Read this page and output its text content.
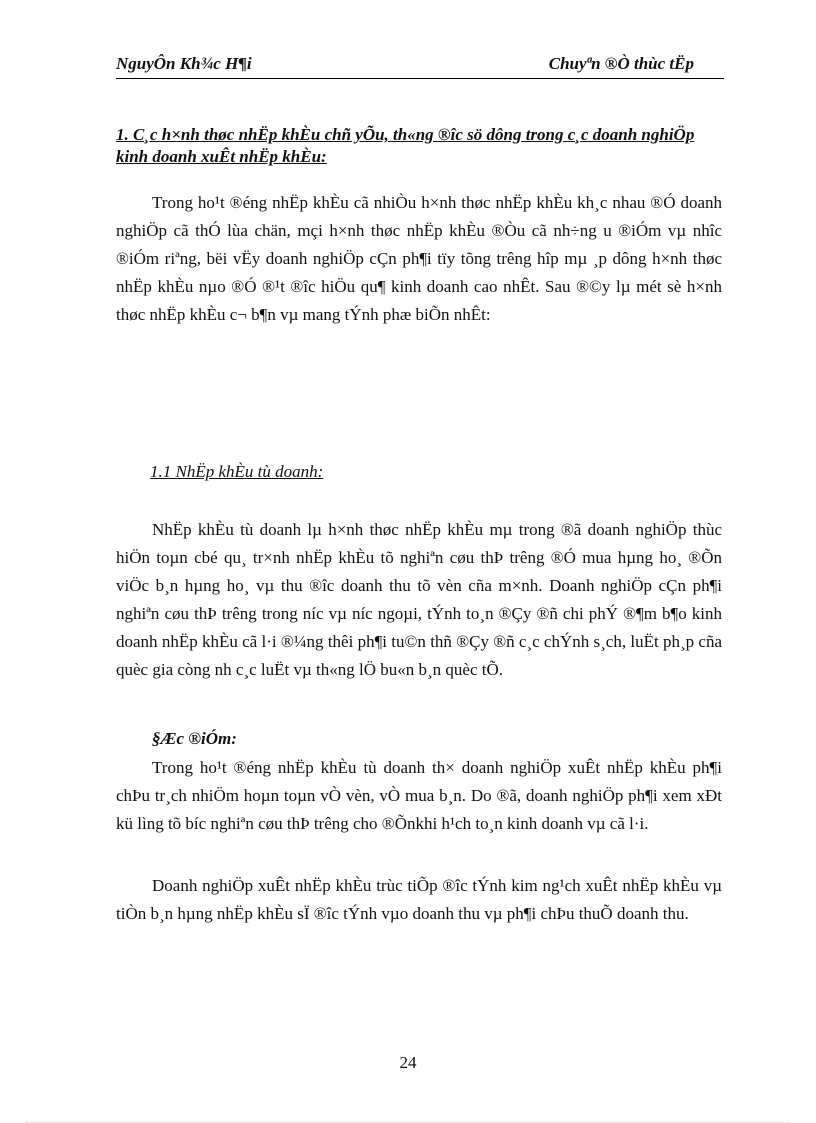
NguyÔn Kh¾c H¶i	Chuyªn ®Ò thùc tËp
1. C¸c h×nh thøc nhËp khÈu chñ yÕu, th«ng ®îc sö dông trong c¸c doanh nghiÖp kinh doanh xuÊt nhËp khÈu:

Trong ho¹t ®éng nhËp khÈu cã nhiÒu h×nh thøc nhËp khÈu kh¸c nhau ®Ó doanh nghiÖp cã thÓ lùa chän, mçi h×nh thøc nhËp khÈu ®Òu cã nh÷ng u ®iÓm vµ nhîc ®iÓm riªng, bëi vËy doanh nghiÖp cÇn ph¶i tïy tõng trêng hîp mµ ¸p dông h×nh thøc nhËp khÈu nµo ®Ó ®¹t ®îc hiÖu qu¶ kinh doanh cao nhÊt. Sau ®©y lµ mét sè h×nh thøc nhËp khÈu c¬ b¶n vµ mang tÝnh phæ biÕn nhÊt:

1.1 NhËp khÈu tù doanh:

NhËp khÈu tù doanh lµ h×nh thøc nhËp khÈu mµ trong ®ã doanh nghiÖp thùc hiÖn toµn cbé qu¸ tr×nh nhËp khÈu tõ nghiªn cøu thÞ trêng ®Ó mua hµng ho¸ ®Õn viÖc b¸n hµng ho¸ vµ thu ®îc doanh thu tõ vèn cña m×nh. Doanh nghiÖp cÇn ph¶i nghiªn cøu thÞ trêng trong níc vµ níc ngoµi, tÝnh to¸n ®Çy ®ñ chi phÝ ®¶m b¶o kinh doanh nhËp khÈu cã l·i ®¼ng thêi ph¶i tu©n thñ ®Çy ®ñ c¸c chÝnh s¸ch, luËt ph¸p cña quèc gia còng nh c¸c luËt vµ th«ng lÖ bu«n b¸n quèc tÕ.

§Æc ®iÓm:

Trong ho¹t ®éng nhËp khÈu tù doanh th× doanh nghiÖp xuÊt nhËp khÈu ph¶i chÞu tr¸ch nhiÖm hoµn toµn vÒ vèn, vÒ mua b¸n. Do ®ã, doanh nghiÖp ph¶i xem xÐt kü lìng tõ bíc nghiªn cøu thÞ trêng cho ®Õnkhi h¹ch to¸n kinh doanh vµ cã l·i.

Doanh nghiÖp xuÊt nhËp khÈu trùc tiÕp ®îc tÝnh kim ng¹ch xuÊt nhËp khÈu vµ tiÒn b¸n hµng nhËp khÈu sÏ ®îc tÝnh vµo doanh thu vµ ph¶i chÞu thuÕ doanh thu.

24
